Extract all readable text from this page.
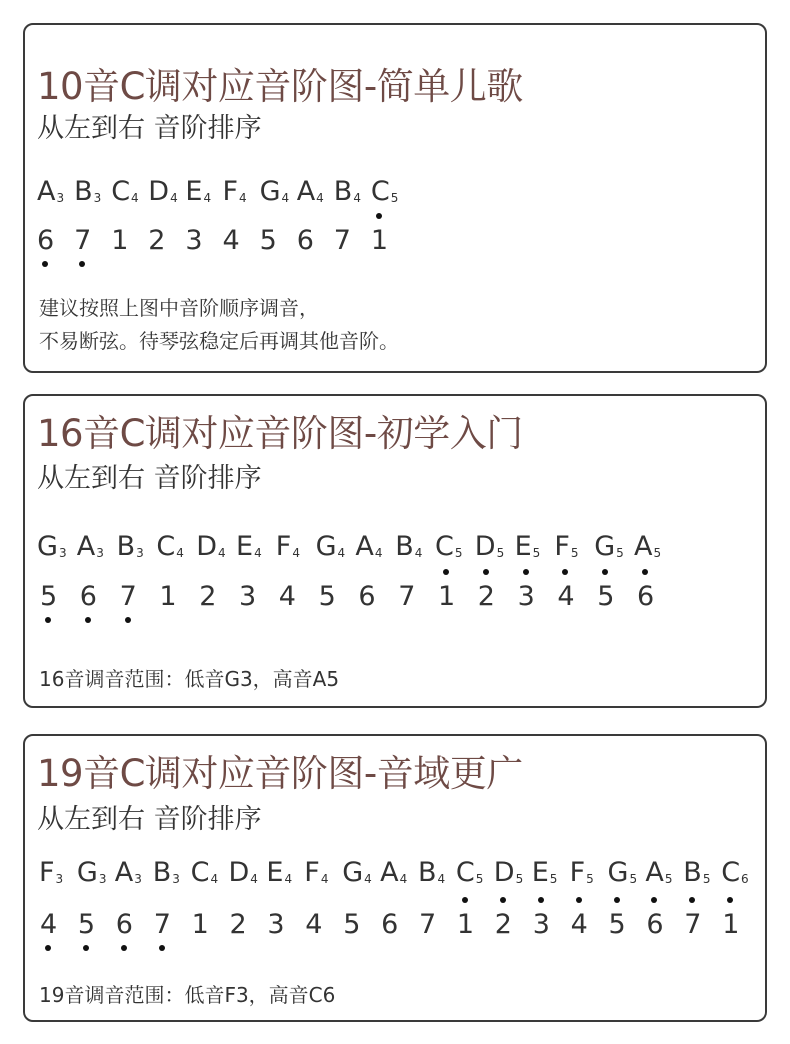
10音C调对应音阶图-简单儿歌
从左到右 音阶排序
$A_3$ $B_3$ $C_4$ $D_4$ $E_4$ $F_4$ $G_4$ $A_4$ $B_4$ $C_5$
6 7 1 2 3 4 5 6 7 1
建议按照上图中音阶顺序调音，
不易断弦。待琴弦稳定后再调其他音阶。
16音C调对应音阶图-初学入门
从左到右 音阶排序
$G_3$ $A_3$ $B_3$ $C_4$ $D_4$ $E_4$ $F_4$ $G_4$ $A_4$ $B_4$ $C_5$ $D_5$ $E_5$ $F_5$ $G_5$ $A_5$
5 6 7 1 2 3 4 5 6 7 1 2 3 4 5 6
16音调音范围：低音G3，高音A5
19音C调对应音阶图-音域更广
从左到右 音阶排序
$F_3$ $G_3$ $A_3$ $B_3$ $C_4$ $D_4$ $E_4$ $F_4$ $G_4$ $A_4$ $B_4$ $C_5$ $D_5$ $E_5$ $F_5$ $G_5$ $A_5$ $B_5$ $C_6$
4 5 6 7 1 2 3 4 5 6 7 1 2 3 4 5 6 7 1
19音调音范围：低音F3，高音C6
